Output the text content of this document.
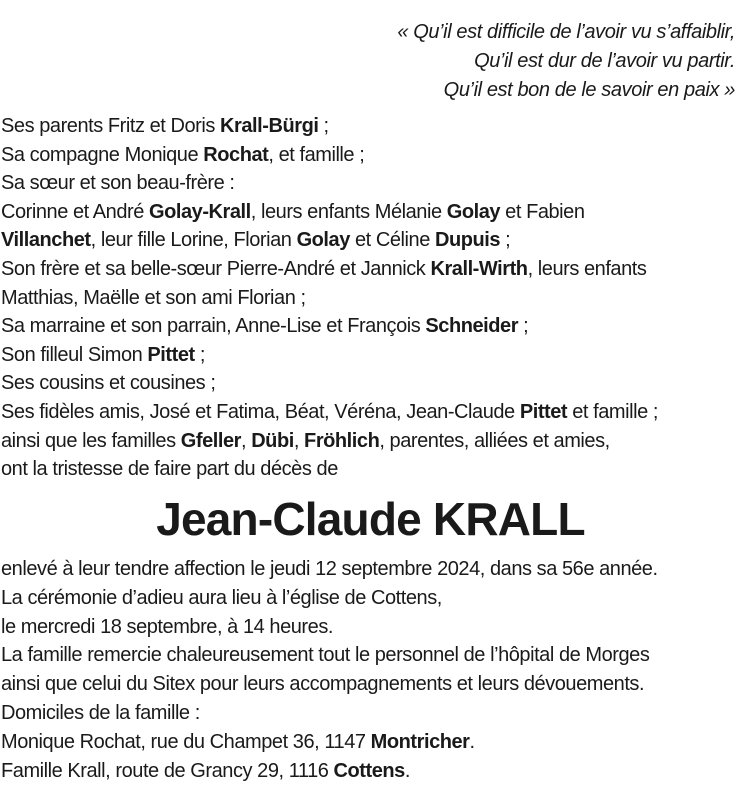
« Qu’il est difficile de l’avoir vu s’affaiblir,
Qu’il est dur de l’avoir vu partir.
Qu’il est bon de le savoir en paix »
Ses parents Fritz et Doris Krall-Bürgi ;
Sa compagne Monique Rochat, et famille ;
Sa sœur et son beau-frère :
Corinne et André Golay-Krall, leurs enfants Mélanie Golay et Fabien
Villanchet, leur fille Lorine, Florian Golay et Céline Dupuis ;
Son frère et sa belle-sœur Pierre-André et Jannick Krall-Wirth, leurs enfants
Matthias, Maëlle et son ami Florian ;
Sa marraine et son parrain, Anne-Lise et François Schneider ;
Son filleul Simon Pittet ;
Ses cousins et cousines ;
Ses fidèles amis, José et Fatima, Béat, Véréna, Jean-Claude Pittet et famille ;
ainsi que les familles Gfeller, Dübi, Fröhlich, parentes, alliées et amies,
ont la tristesse de faire part du décès de
Jean-Claude KRALL
enlevé à leur tendre affection le jeudi 12 septembre 2024, dans sa 56e année.
La cérémonie d’adieu aura lieu à l’église de Cottens,
le mercredi 18 septembre, à 14 heures.
La famille remercie chaleureusement tout le personnel de l’hôpital de Morges
ainsi que celui du Sitex pour leurs accompagnements et leurs dévouements.
Domiciles de la famille :
Monique Rochat, rue du Champet 36, 1147 Montricher.
Famille Krall, route de Grancy 29, 1116 Cottens.
